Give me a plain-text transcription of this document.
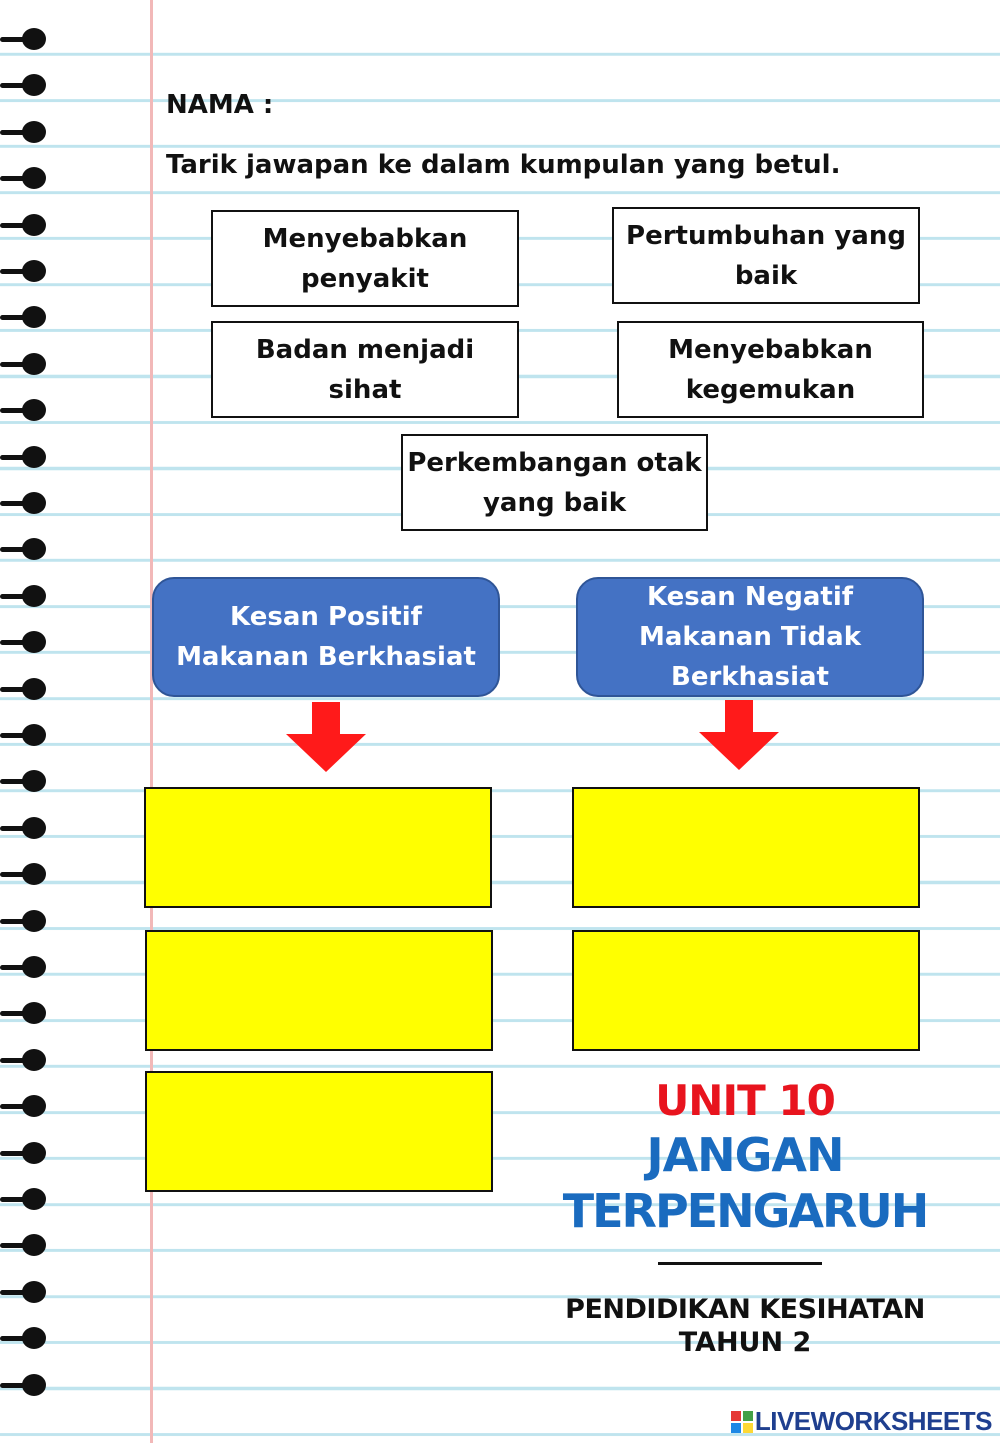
NAMA :
Tarik jawapan ke dalam kumpulan yang betul.
Menyebabkan
penyakit
Pertumbuhan yang
baik
Badan menjadi
sihat
Menyebabkan
kegemukan
Perkembangan otak
yang baik
Kesan Positif
Makanan Berkhasiat
Kesan Negatif
Makanan Tidak
Berkhasiat
UNIT 10
JANGAN
TERPENGARUH
PENDIDIKAN KESIHATAN
TAHUN 2
LIVEWORKSHEETS
